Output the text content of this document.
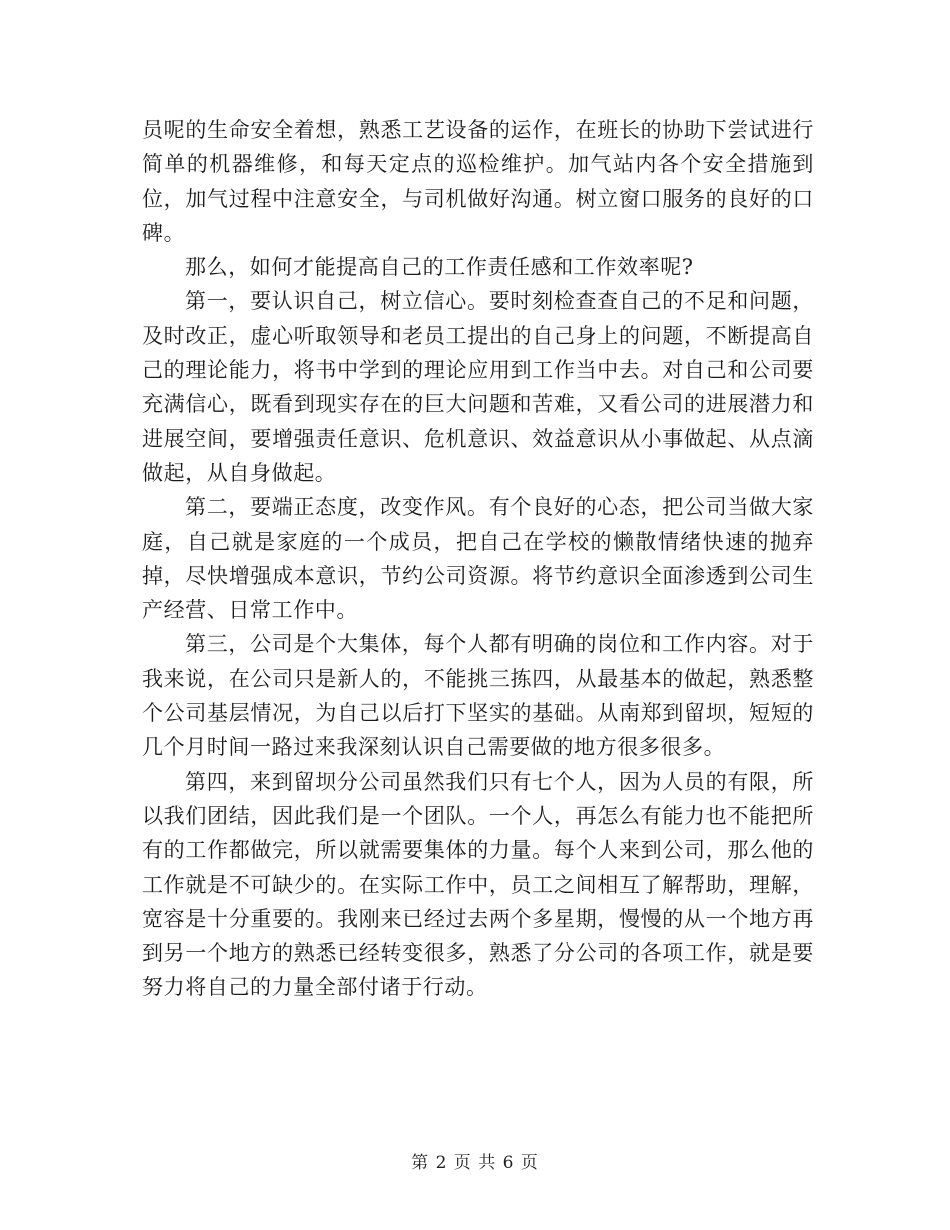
员呢的生命安全着想，熟悉工艺设备的运作，在班长的协助下尝试进行简单的机器维修，和每天定点的巡检维护。加气站内各个安全措施到位，加气过程中注意安全，与司机做好沟通。树立窗口服务的良好的口碑。

那么，如何才能提高自己的工作责任感和工作效率呢?

第一，要认识自己，树立信心。要时刻检查查自己的不足和问题，及时改正，虚心听取领导和老员工提出的自己身上的问题，不断提高自己的理论能力，将书中学到的理论应用到工作当中去。对自己和公司要充满信心，既看到现实存在的巨大问题和苦难，又看公司的进展潜力和进展空间，要增强责任意识、危机意识、效益意识从小事做起、从点滴做起，从自身做起。

第二，要端正态度，改变作风。有个良好的心态，把公司当做大家庭，自己就是家庭的一个成员，把自己在学校的懒散情绪快速的抛弃掉，尽快增强成本意识，节约公司资源。将节约意识全面渗透到公司生产经营、日常工作中。

第三，公司是个大集体，每个人都有明确的岗位和工作内容。对于我来说，在公司只是新人的，不能挑三拣四，从最基本的做起，熟悉整个公司基层情况，为自己以后打下坚实的基础。从南郑到留坝，短短的几个月时间一路过来我深刻认识自己需要做的地方很多很多。

第四，来到留坝分公司虽然我们只有七个人，因为人员的有限，所以我们团结，因此我们是一个团队。一个人，再怎么有能力也不能把所有的工作都做完，所以就需要集体的力量。每个人来到公司，那么他的工作就是不可缺少的。在实际工作中，员工之间相互了解帮助，理解，宽容是十分重要的。我刚来已经过去两个多星期，慢慢的从一个地方再到另一个地方的熟悉已经转变很多，熟悉了分公司的各项工作，就是要努力将自己的力量全部付诸于行动。

第 2 页 共 6 页
